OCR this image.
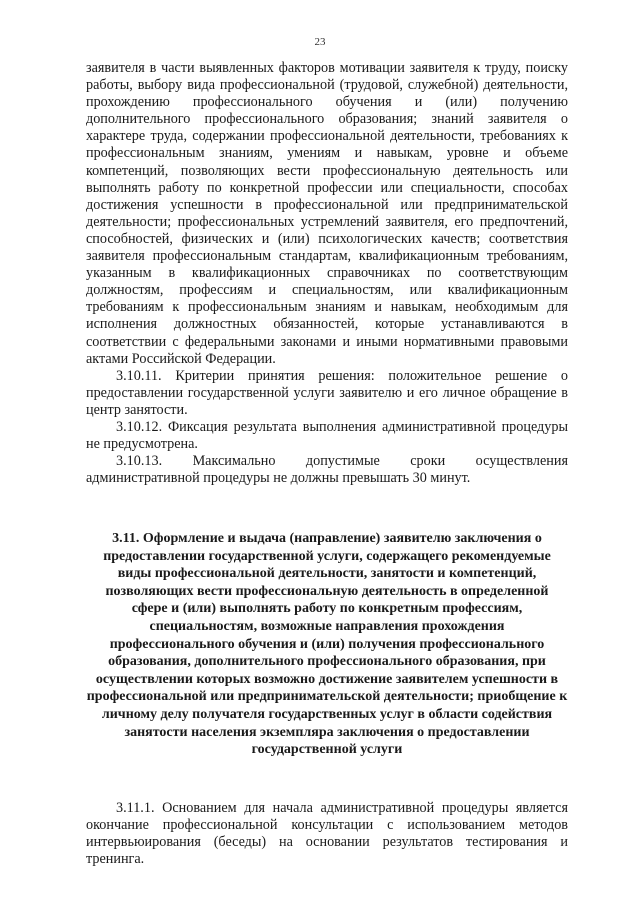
23

заявителя в части выявленных факторов мотивации заявителя к труду, поиску работы, выбору вида профессиональной (трудовой, служебной) деятельности, прохождению профессионального обучения и (или) получению дополнительного профессионального образования; знаний заявителя о характере труда, содержании профессиональной деятельности, требованиях к профессиональным знаниям, умениям и навыкам, уровне и объеме компетенций, позволяющих вести профессиональную деятельность или выполнять работу по конкретной профессии или специальности, способах достижения успешности в профессиональной или предпринимательской деятельности; профессиональных устремлений заявителя, его предпочтений, способностей, физических и (или) психологических качеств; соответствия заявителя профессиональным стандартам, квалификационным требованиям, указанным в квалификационных справочниках по соответствующим должностям, профессиям и специальностям, или квалификационным требованиям к профессиональным знаниям и навыкам, необходимым для исполнения должностных обязанностей, которые устанавливаются в соответствии с федеральными законами и иными нормативными правовыми актами Российской Федерации.

3.10.11. Критерии принятия решения: положительное решение о предоставлении государственной услуги заявителю и его личное обращение в центр занятости.

3.10.12. Фиксация результата выполнения административной процедуры не предусмотрена.

3.10.13. Максимально допустимые сроки осуществления административной процедуры не должны превышать 30 минут.

3.11. Оформление и выдача (направление) заявителю заключения о предоставлении государственной услуги, содержащего рекомендуемые виды профессиональной деятельности, занятости и компетенций, позволяющих вести профессиональную деятельность в определенной сфере и (или) выполнять работу по конкретным профессиям, специальностям, возможные направления прохождения профессионального обучения и (или) получения профессионального образования, дополнительного профессионального образования, при осуществлении которых возможно достижение заявителем успешности в профессиональной или предпринимательской деятельности; приобщение к личному делу получателя государственных услуг в области содействия занятости населения экземпляра заключения о предоставлении государственной услуги

3.11.1. Основанием для начала административной процедуры является окончание профессиональной консультации с использованием методов интервьюирования (беседы) на основании результатов тестирования и тренинга.
